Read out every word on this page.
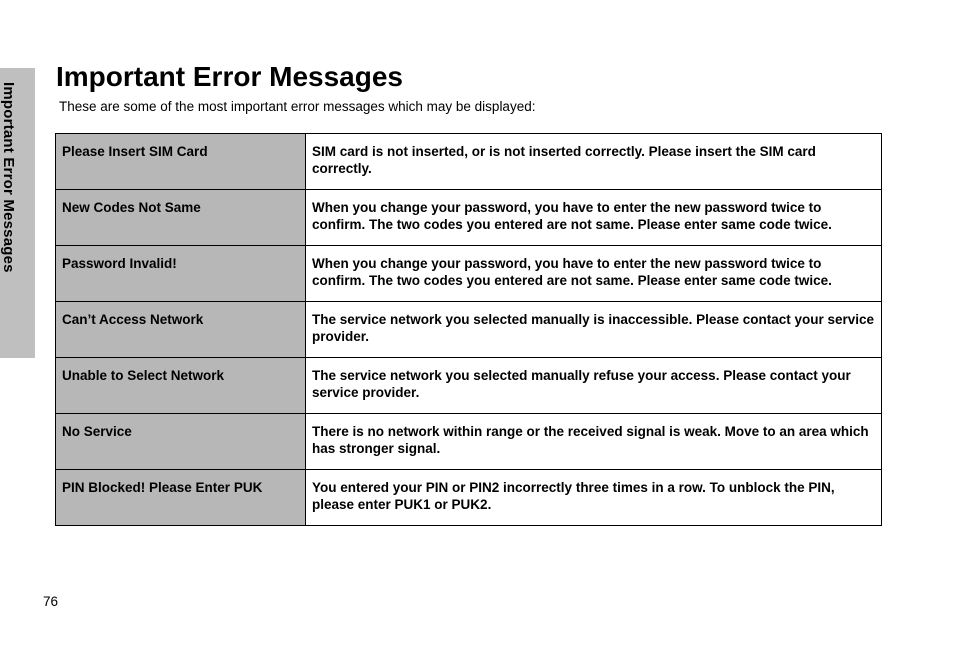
Important Error Messages
Important Error Messages

These are some of the most important error messages which may be displayed:

Please Insert SIM Card	SIM card is not inserted, or is not inserted correctly. Please insert the SIM card correctly.
New Codes Not Same	When you change your password, you have to enter the new password twice to confirm. The two codes you entered are not same. Please enter same code twice.
Password Invalid!	When you change your password, you have to enter the new password twice to confirm. The two codes you entered are not same. Please enter same code twice.
Can’t Access Network	The service network you selected manually is inaccessible. Please contact your service provider.
Unable to Select Network	The service network you selected manually refuse your access. Please contact your service provider.
No Service	There is no network within range or the received signal is weak. Move to an area which has stronger signal.
PIN Blocked! Please Enter PUK	You entered your PIN or PIN2 incorrectly three times in a row. To unblock the PIN, please enter PUK1 or PUK2.
76
